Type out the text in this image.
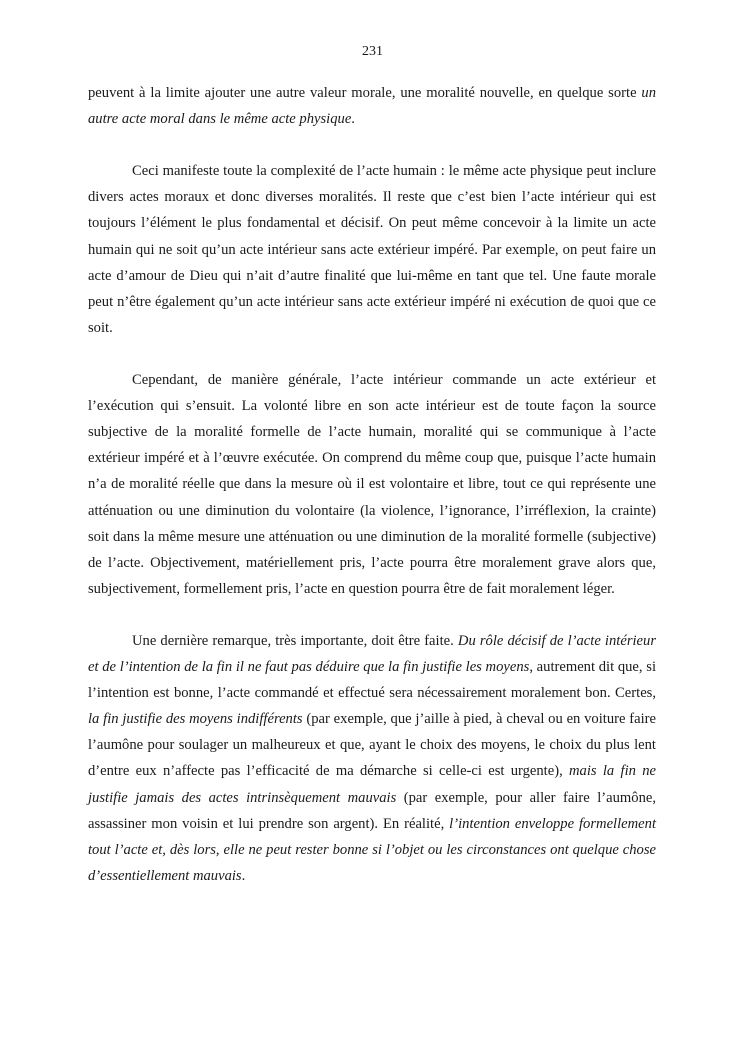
231

peuvent à la limite ajouter une autre valeur morale, une moralité nouvelle, en quelque sorte un autre acte moral dans le même acte physique.

Ceci manifeste toute la complexité de l’acte humain : le même acte physique peut inclure divers actes moraux et donc diverses moralités. Il reste que c’est bien l’acte intérieur qui est toujours l’élément le plus fondamental et décisif. On peut même concevoir à la limite un acte humain qui ne soit qu’un acte intérieur sans acte extérieur impéré. Par exemple, on peut faire un acte d’amour de Dieu qui n’ait d’autre finalité que lui-même en tant que tel. Une faute morale peut n’être également qu’un acte intérieur sans acte extérieur impéré ni exécution de quoi que ce soit.

Cependant, de manière générale, l’acte intérieur commande un acte extérieur et l’exécution qui s’ensuit. La volonté libre en son acte intérieur est de toute façon la source subjective de la moralité formelle de l’acte humain, moralité qui se communique à l’acte extérieur impéré et à l’œuvre exécutée. On comprend du même coup que, puisque l’acte humain n’a de moralité réelle que dans la mesure où il est volontaire et libre, tout ce qui représente une atténuation ou une diminution du volontaire (la violence, l’ignorance, l’irréflexion, la crainte) soit dans la même mesure une atténuation ou une diminution de la moralité formelle (subjective) de l’acte. Objectivement, matériellement pris, l’acte pourra être moralement grave alors que, subjectivement, formellement pris, l’acte en question pourra être de fait moralement léger.

Une dernière remarque, très importante, doit être faite. Du rôle décisif de l’acte intérieur et de l’intention de la fin il ne faut pas déduire que la fin justifie les moyens, autrement dit que, si l’intention est bonne, l’acte commandé et effectué sera nécessairement moralement bon. Certes, la fin justifie des moyens indifférents (par exemple, que j’aille à pied, à cheval ou en voiture faire l’aumône pour soulager un malheureux et que, ayant le choix des moyens, le choix du plus lent d’entre eux n’affecte pas l’efficacité de ma démarche si celle-ci est urgente), mais la fin ne justifie jamais des actes intrinsèquement mauvais (par exemple, pour aller faire l’aumône, assassiner mon voisin et lui prendre son argent). En réalité, l’intention enveloppe formellement tout l’acte et, dès lors, elle ne peut rester bonne si l’objet ou les circonstances ont quelque chose d’essentiellement mauvais.
